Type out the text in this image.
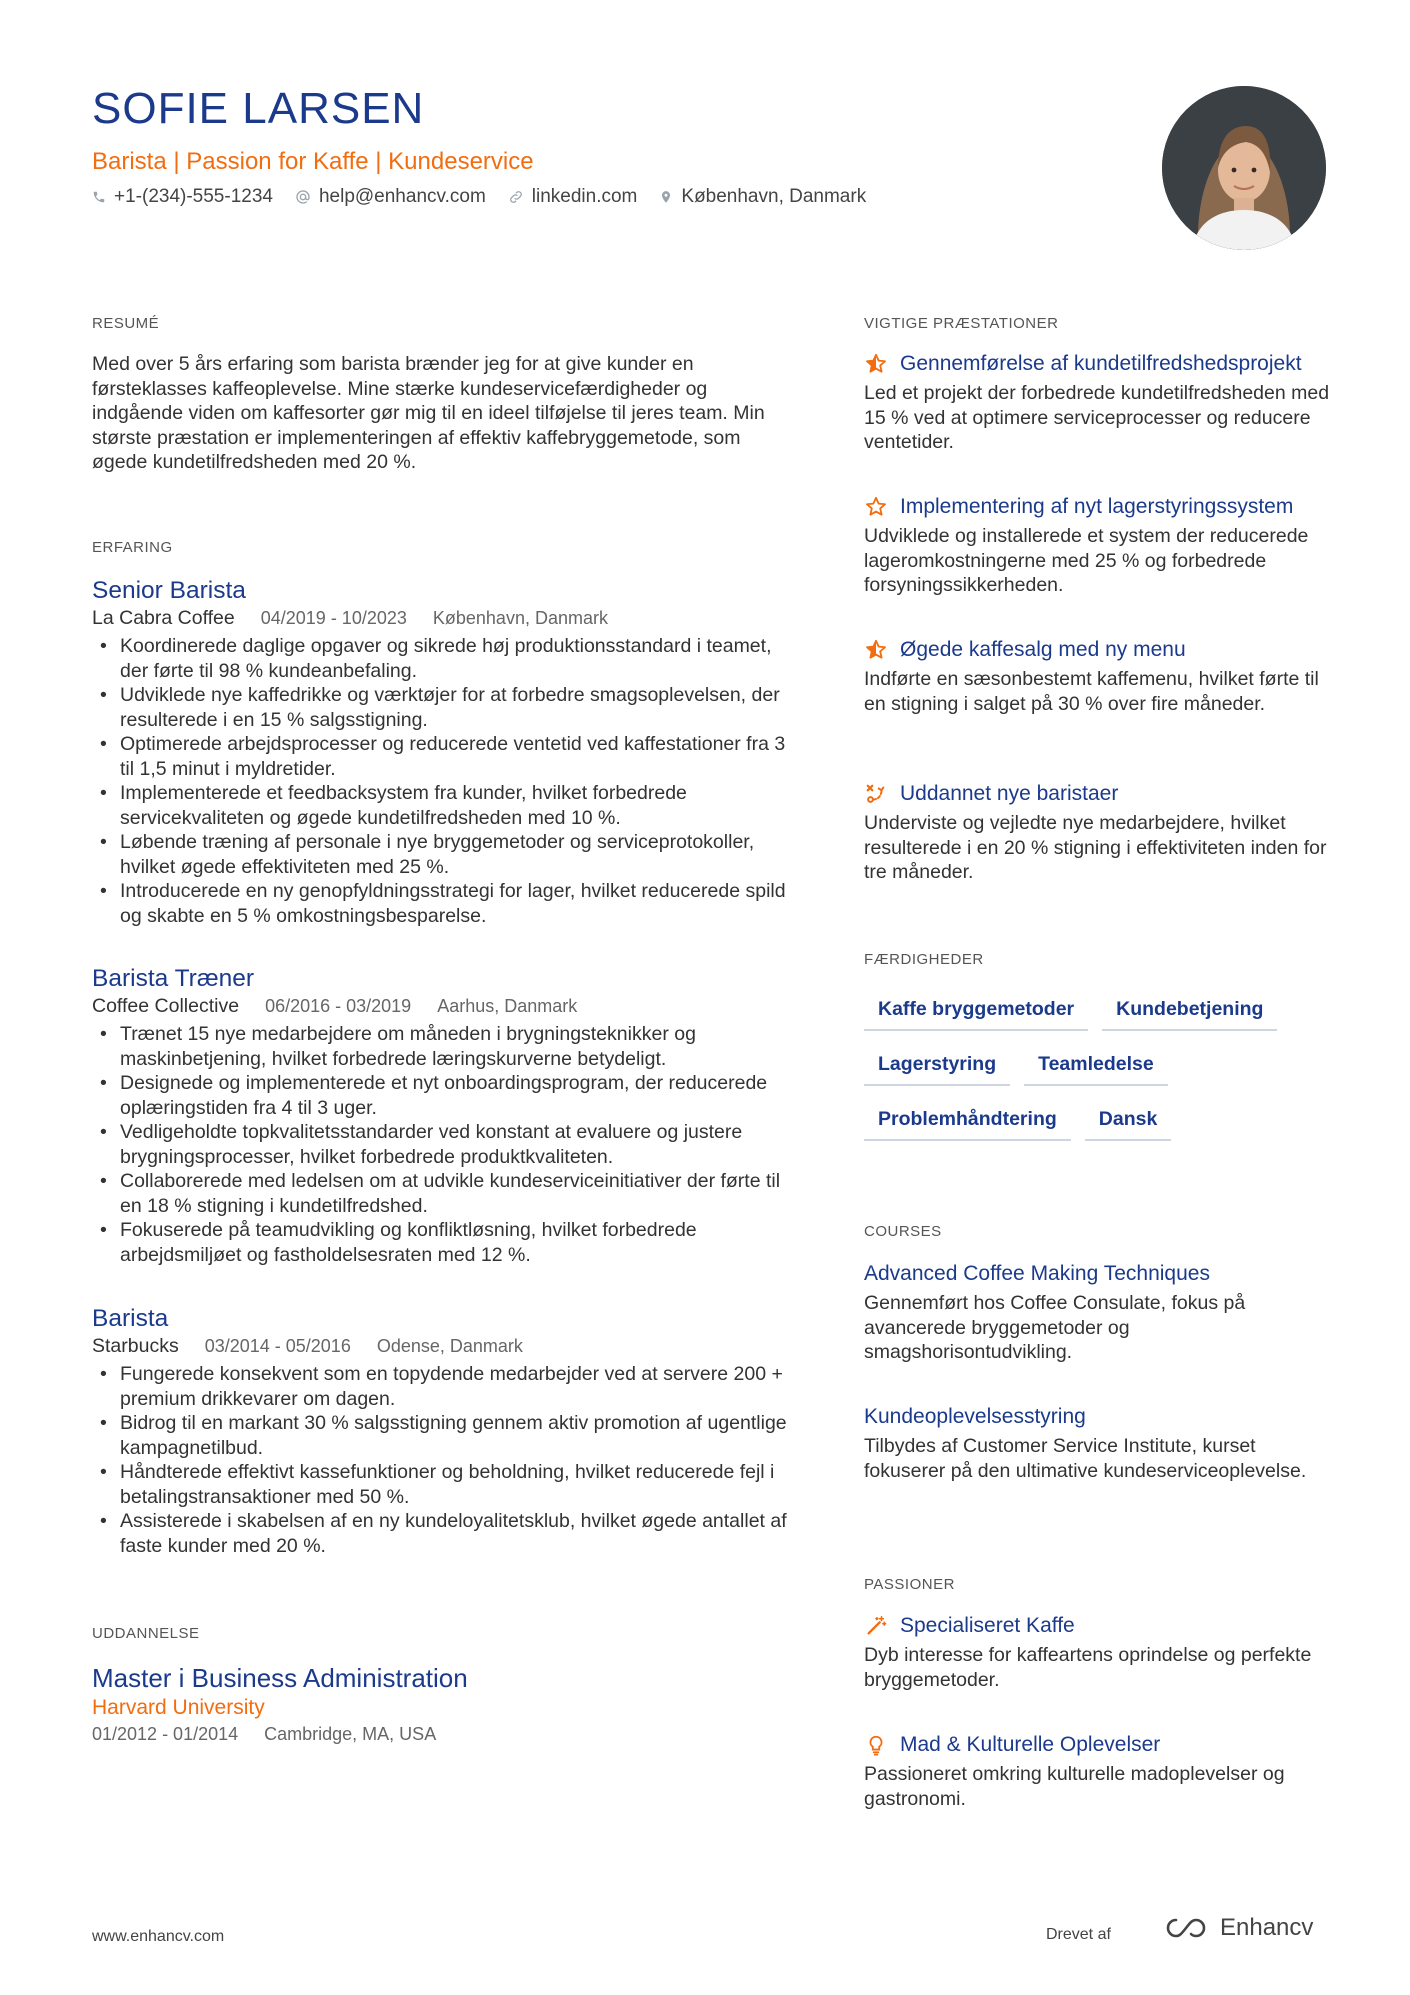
SOFIE LARSEN
Barista | Passion for Kaffe | Kundeservice
+1-(234)-555-1234 help@enhancv.com linkedin.com København, Danmark
RESUMÉ
Med over 5 års erfaring som barista brænder jeg for at give kunder en førsteklasses kaffeoplevelse. Mine stærke kundeservicefærdigheder og indgående viden om kaffesorter gør mig til en ideel tilføjelse til jeres team. Min største præstation er implementeringen af effektiv kaffebryggemetode, som øgede kundetilfredsheden med 20 %.
ERFARING
Senior Barista
La Cabra Coffee 04/2019 - 10/2023 København, Danmark
• Koordinerede daglige opgaver og sikrede høj produktionsstandard i teamet, der førte til 98 % kundeanbefaling.
• Udviklede nye kaffedrikke og værktøjer for at forbedre smagsoplevelsen, der resulterede i en 15 % salgsstigning.
• Optimerede arbejdsprocesser og reducerede ventetid ved kaffestationer fra 3 til 1,5 minut i myldretider.
• Implementerede et feedbacksystem fra kunder, hvilket forbedrede servicekvaliteten og øgede kundetilfredsheden med 10 %.
• Løbende træning af personale i nye bryggemetoder og serviceprotokoller, hvilket øgede effektiviteten med 25 %.
• Introducerede en ny genopfyldningsstrategi for lager, hvilket reducerede spild og skabte en 5 % omkostningsbesparelse.
Barista Træner
Coffee Collective 06/2016 - 03/2019 Aarhus, Danmark
• Trænet 15 nye medarbejdere om måneden i brygningsteknikker og maskinbetjening, hvilket forbedrede læringskurverne betydeligt.
• Designede og implementerede et nyt onboardingsprogram, der reducerede oplæringstiden fra 4 til 3 uger.
• Vedligeholdte topkvalitetsstandarder ved konstant at evaluere og justere brygningsprocesser, hvilket forbedrede produktkvaliteten.
• Collaborerede med ledelsen om at udvikle kundeserviceinitiativer der førte til en 18 % stigning i kundetilfredshed.
• Fokuserede på teamudvikling og konfliktløsning, hvilket forbedrede arbejdsmiljøet og fastholdelsesraten med 12 %.
Barista
Starbucks 03/2014 - 05/2016 Odense, Danmark
• Fungerede konsekvent som en topydende medarbejder ved at servere 200 + premium drikkevarer om dagen.
• Bidrog til en markant 30 % salgsstigning gennem aktiv promotion af ugentlige kampagnetilbud.
• Håndterede effektivt kassefunktioner og beholdning, hvilket reducerede fejl i betalingstransaktioner med 50 %.
• Assisterede i skabelsen af en ny kundeloyalitetsklub, hvilket øgede antallet af faste kunder med 20 %.
UDDANNELSE
Master i Business Administration
Harvard University
01/2012 - 01/2014 Cambridge, MA, USA
VIGTIGE PRÆSTATIONER
Gennemførelse af kundetilfredshedsprojekt
Led et projekt der forbedrede kundetilfredsheden med 15 % ved at optimere serviceprocesser og reducere ventetider.
Implementering af nyt lagerstyringssystem
Udviklede og installerede et system der reducerede lageromkostningerne med 25 % og forbedrede forsyningssikkerheden.
Øgede kaffesalg med ny menu
Indførte en sæsonbestemt kaffemenu, hvilket førte til en stigning i salget på 30 % over fire måneder.
Uddannet nye baristaer
Underviste og vejledte nye medarbejdere, hvilket resulterede i en 20 % stigning i effektiviteten inden for tre måneder.
FÆRDIGHEDER
Kaffe bryggemetoder	Kundebetjening
Lagerstyring	Teamledelse
Problemhåndtering	Dansk
COURSES
Advanced Coffee Making Techniques
Gennemført hos Coffee Consulate, fokus på avancerede bryggemetoder og smagshorisontudvikling.
Kundeoplevelsesstyring
Tilbydes af Customer Service Institute, kurset fokuserer på den ultimative kundeserviceoplevelse.
PASSIONER
Specialiseret Kaffe
Dyb interesse for kaffeartens oprindelse og perfekte bryggemetoder.
Mad & Kulturelle Oplevelser
Passioneret omkring kulturelle madoplevelser og gastronomi.
www.enhancv.com	Drevet af	Enhancv
